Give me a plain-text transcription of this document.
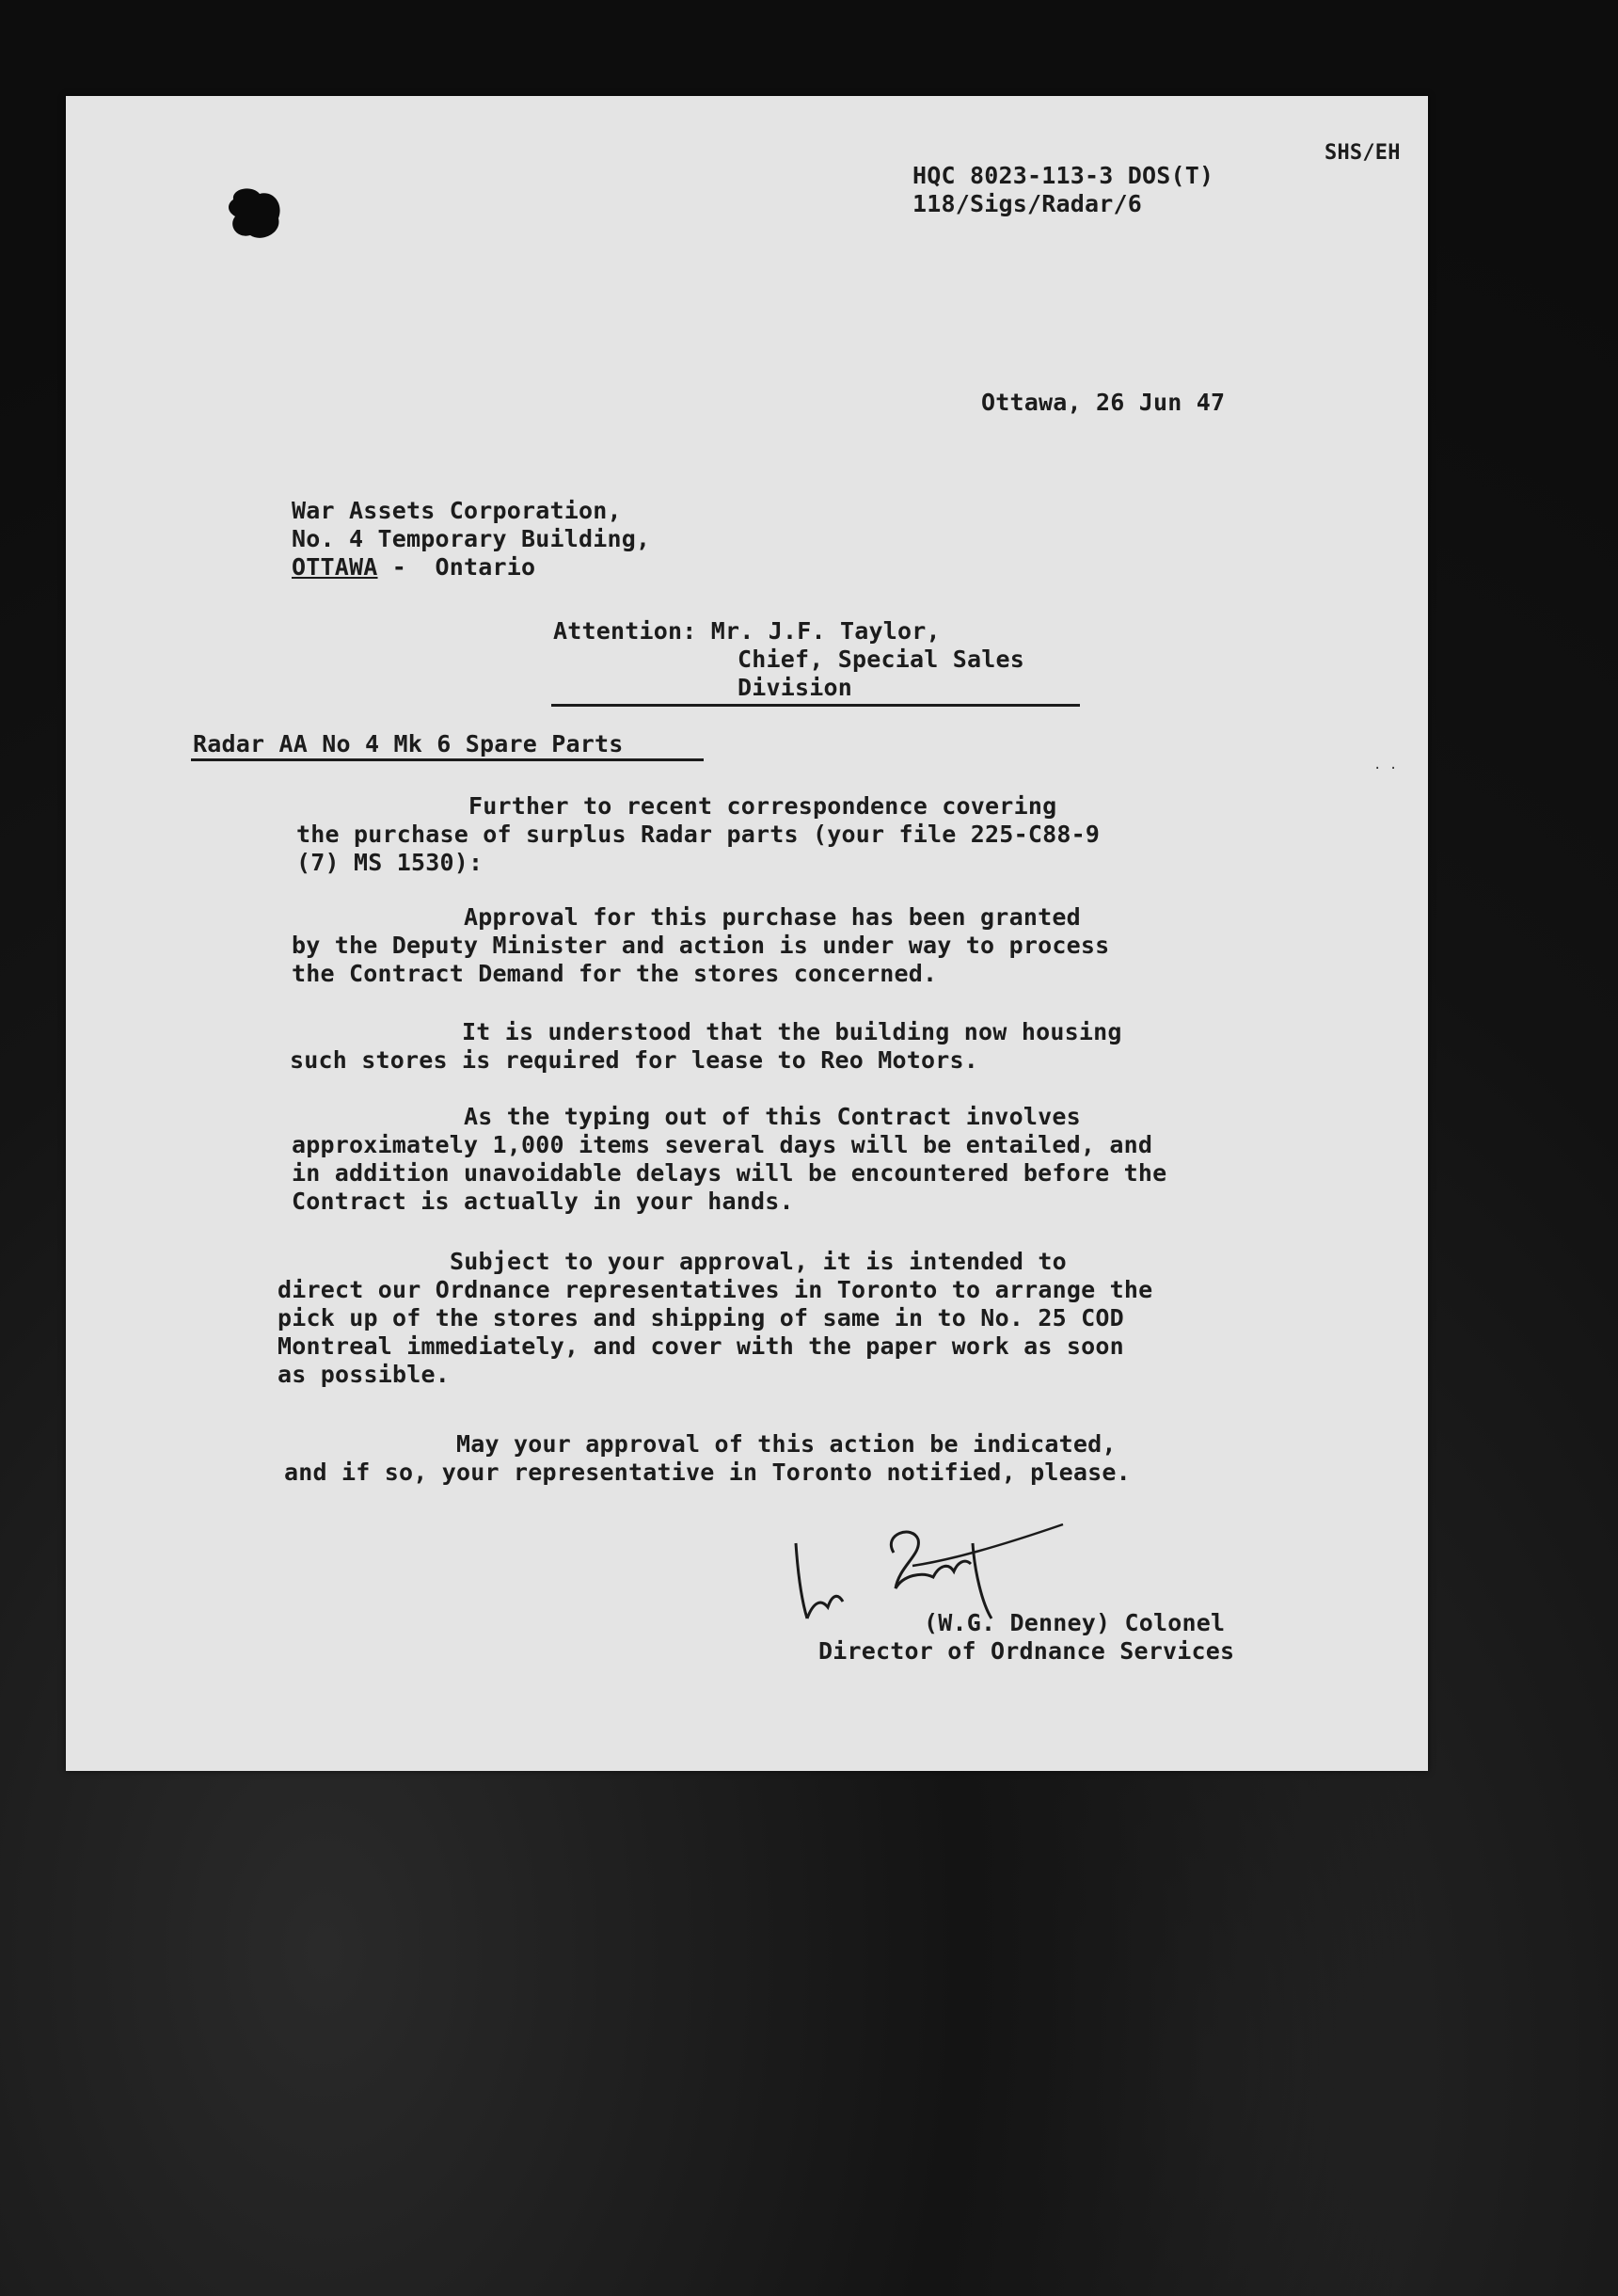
SHS/EH
HQC 8023-113-3 DOS(T)
118/Sigs/Radar/6
Ottawa, 26 Jun 47
War Assets Corporation,
No. 4 Temporary Building,
OTTAWA -  Ontario
Attention: Mr. J.F. Taylor,
Chief, Special Sales
Division
Radar AA No 4 Mk 6 Spare Parts
Further to recent correspondence covering
the purchase of surplus Radar parts (your file 225-C88-9
(7) MS 1530):
Approval for this purchase has been granted
by the Deputy Minister and action is under way to process
the Contract Demand for the stores concerned.
It is understood that the building now housing
such stores is required for lease to Reo Motors.
As the typing out of this Contract involves
approximately 1,000 items several days will be entailed, and
in addition unavoidable delays will be encountered before the
Contract is actually in your hands.
Subject to your approval, it is intended to
direct our Ordnance representatives in Toronto to arrange the
pick up of the stores and shipping of same in to No. 25 COD
Montreal immediately, and cover with the paper work as soon
as possible.
May your approval of this action be indicated,
and if so, your representative in Toronto notified, please.
(W.G. Denney) Colonel
Director of Ordnance Services
. .
